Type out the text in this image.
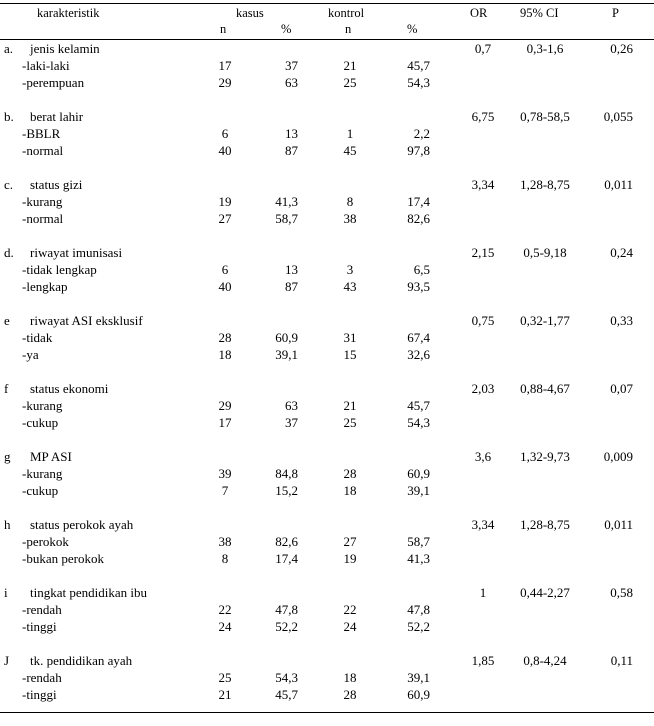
karakteristik	kasus	kontrol	OR	95% CI	P
n	%	n	%
a. jenis kelamin	0,7	0,3-1,6	0,26
-laki-laki	17	37	21	45,7
-perempuan	29	63	25	54,3
b. berat lahir	6,75 0,78-58,5	0,055
-BBLR	6	13	1	2,2
-normal	40	87	45	97,8
c. status gizi	3,34 1,28-8,75	0,011
-kurang	19	41,3	8	17,4
-normal	27	58,7	38	82,6
d. riwayat imunisasi	2,15 0,5-9,18	0,24
-tidak lengkap	6	13	3	6,5
-lengkap	40	87	43	93,5
e riwayat ASI eksklusif	0,75 0,32-1,77	0,33
-tidak	28	60,9	31	67,4
-ya	18	39,1	15	32,6
f status ekonomi	2,03 0,88-4,67	0,07
-kurang	29	63	21	45,7
-cukup	17	37	25	54,3
g MP ASI	3,6 1,32-9,73	0,009
-kurang	39	84,8	28	60,9
-cukup	7	15,2	18	39,1
h status perokok ayah	3,34 1,28-8,75	0,011
-perokok	38	82,6	27	58,7
-bukan perokok	8	17,4	19	41,3
i tingkat pendidikan ibu	1	0,44-2,27	0,58
-rendah	22	47,8	22	47,8
-tinggi	24	52,2	24	52,2
J tk. pendidikan ayah	1,85 0,8-4,24	0,11
-rendah	25	54,3	18	39,1
-tinggi	21	45,7	28	60,9
